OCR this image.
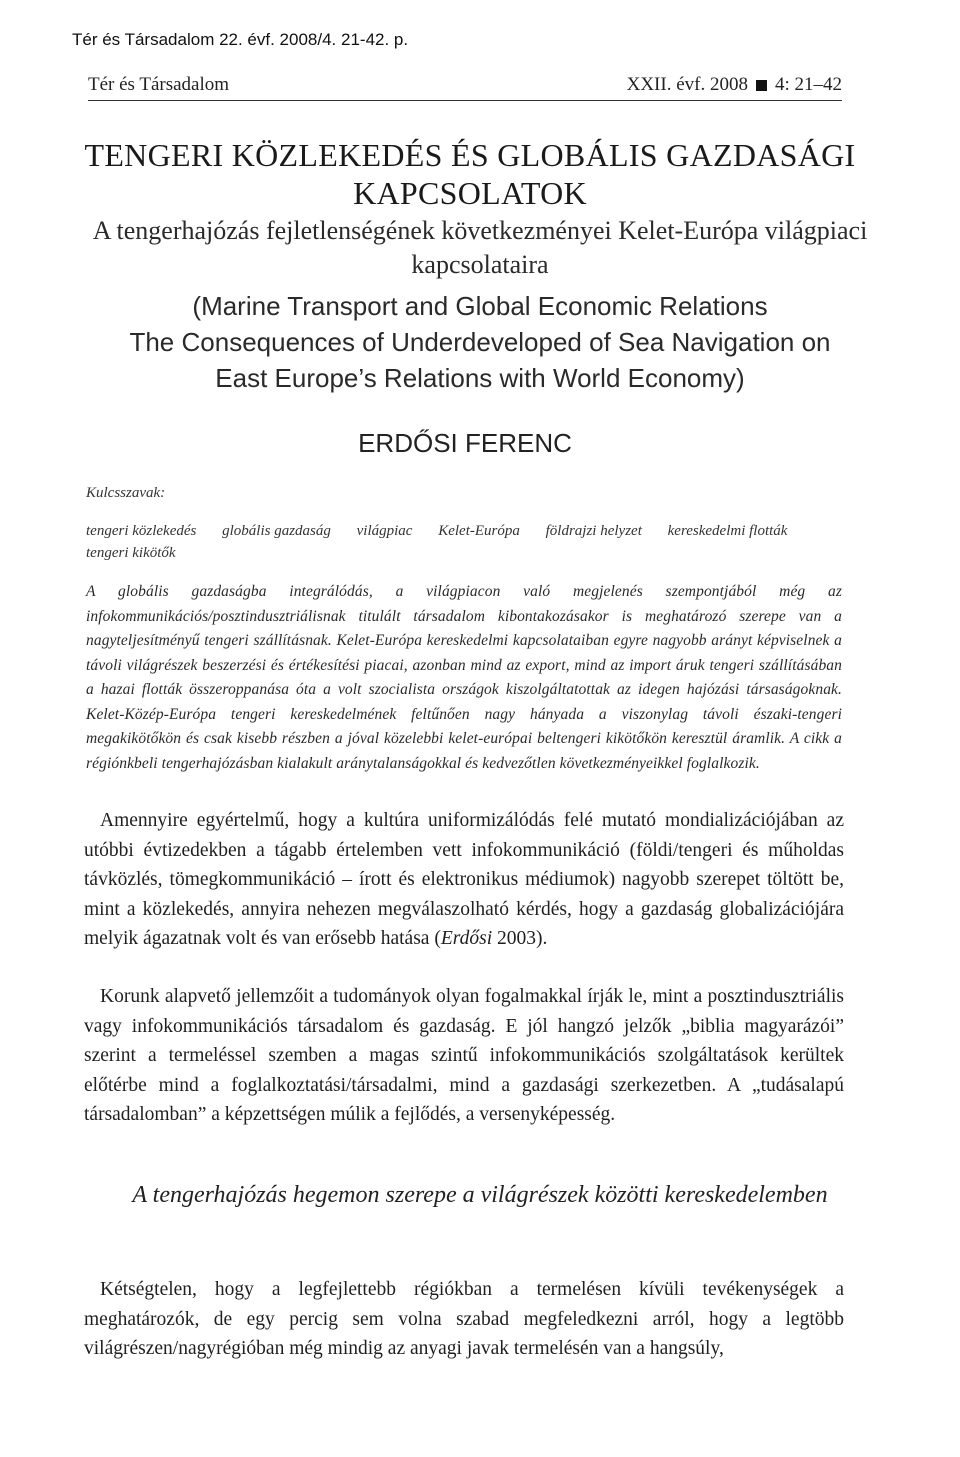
Tér és Társadalom 22. évf. 2008/4. 21-42. p.
Tér és Társadalom	XXII. évf. 2008 4: 21–42
TENGERI KÖZLEKEDÉS ÉS GLOBÁLIS GAZDASÁGI KAPCSOLATOK
A tengerhajózás fejletlenségének következményei Kelet-Európa világpiaci kapcsolataira
(Marine Transport and Global Economic Relations
The Consequences of Underdeveloped of Sea Navigation on
East Europe’s Relations with World Economy)
ERDŐSI FERENC
Kulcsszavak:
tengeri közlekedés globális gazdaság világpiac Kelet-Európa földrajzi helyzet kereskedelmi flották
tengeri kikötők
A globális gazdaságba integrálódás, a világpiacon való megjelenés szempontjából még az infokommunikációs/posztindusztriálisnak titulált társadalom kibontakozásakor is meghatározó szerepe van a nagyteljesítményű tengeri szállításnak. Kelet-Európa kereskedelmi kapcsolataiban egyre nagyobb arányt képviselnek a távoli világrészek beszerzési és értékesítési piacai, azonban mind az export, mind az import áruk tengeri szállításában a hazai flották összeroppanása óta a volt szocialista országok kiszolgáltatottak az idegen hajózási társaságoknak. Kelet-Közép-Európa tengeri kereskedelmének feltűnően nagy hányada a viszonylag távoli északi-tengeri megakikötőkön és csak kisebb részben a jóval közelebbi kelet-európai beltengeri kikötőkön keresztül áramlik. A cikk a régiónkbeli tengerhajózásban kialakult aránytalanságokkal és kedvezőtlen következményeikkel foglalkozik.
Amennyire egyértelmű, hogy a kultúra uniformizálódás felé mutató mondializációjában az utóbbi évtizedekben a tágabb értelemben vett infokommunikáció (földi/tengeri és műholdas távközlés, tömegkommunikáció – írott és elektronikus médiumok) nagyobb szerepet töltött be, mint a közlekedés, annyira nehezen megválaszolható kérdés, hogy a gazdaság globalizációjára melyik ágazatnak volt és van erősebb hatása (Erdősi 2003).
Korunk alapvető jellemzőit a tudományok olyan fogalmakkal írják le, mint a posztindusztriális vagy infokommunikációs társadalom és gazdaság. E jól hangzó jelzők „biblia magyarázói” szerint a termeléssel szemben a magas szintű infokommunikációs szolgáltatások kerültek előtérbe mind a foglalkoztatási/társadalmi, mind a gazdasági szerkezetben. A „tudásalapú társadalomban” a képzettségen múlik a fejlődés, a versenyképesség.
A tengerhajózás hegemon szerepe a világrészek közötti kereskedelemben
Kétségtelen, hogy a legfejlettebb régiókban a termelésen kívüli tevékenységek a meghatározók, de egy percig sem volna szabad megfeledkezni arról, hogy a legtöbb világrészen/nagyrégióban még mindig az anyagi javak termelésén van a hangsúly,
